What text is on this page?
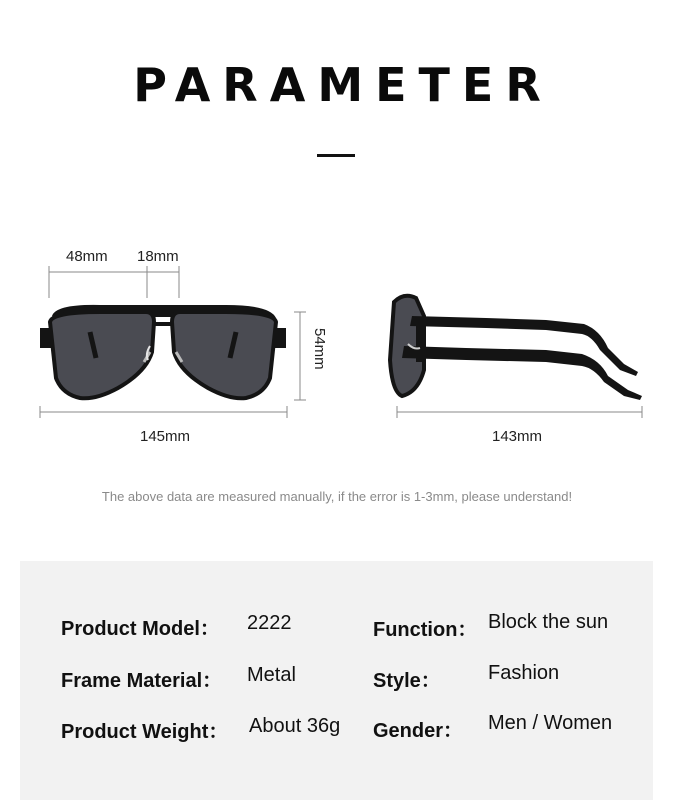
PARAMETER
48mm 18mm
54mm
145mm	143mm
The above data are measured manually, if the error is 1-3mm, please understand!
Product Model： 2222
Frame Material： Metal
Product Weight： About 36g
Function： Block the sun
Style： Fashion
Gender： Men / Women
